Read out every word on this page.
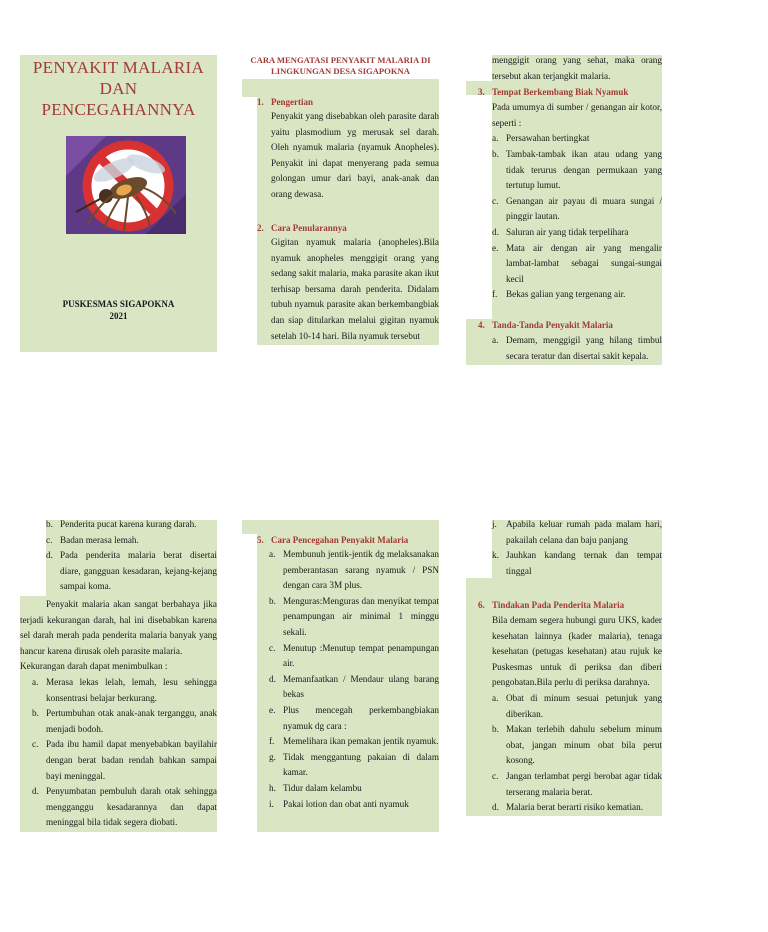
PENYAKIT MALARIA
DAN
PENCEGAHANNYA
PUSKESMAS SIGAPOKNA
2021
CARA MENGATASI PENYAKIT MALARIA DI LINGKUNGAN DESA SIGAPOKNA
1. Pengertian
Penyakit yang disebabkan oleh parasite darah yaitu plasmodium yg merusak sel darah. Oleh nyamuk malaria (nyamuk Anopheles). Penyakit ini dapat menyerang pada semua golongan umur dari bayi, anak-anak dan orang dewasa.
2. Cara Penularannya
Gigitan nyamuk malaria (anopheles).Bila nyamuk anopheles menggigit orang yang sedang sakit malaria, maka parasite akan ikut terhisap bersama darah penderita. Didalam tubuh nyamuk parasite akan berkembangbiak dan siap ditularkan melalui gigitan nyamuk setelah 10-14 hari. Bila nyamuk tersebut
menggigit orang yang sehat, maka orang tersebut akan terjangkit malaria.
3. Tempat Berkembang Biak Nyamuk
Pada umumya di sumber / genangan air kotor, seperti :
a. Persawahan bertingkat
b. Tambak-tambak ikan atau udang yang tidak terurus dengan permukaan yang tertutup lumut.
c. Genangan air payau di muara sungai / pinggir lautan.
d. Saluran air yang tidak terpelihara
e. Mata air dengan air yang mengalir lambat-lambat sebagai sungai-sungai kecil
f. Bekas galian yang tergenang air.
4. Tanda-Tanda Penyakit Malaria
a. Demam, menggigil yang hilang timbul secara teratur dan disertai sakit kepala.
b. Penderita pucat karena kurang darah.
c. Badan merasa lemah.
d. Pada penderita malaria berat disertai diare, gangguan kesadaran, kejang-kejang sampai koma.
Penyakit malaria akan sangat berbahaya jika terjadi kekurangan darah, hal ini disebabkan karena sel darah merah pada penderita malaria banyak yang hancur karena dirusak oleh parasite malaria.
Kekurangan darah dapat menimbulkan :
a. Merasa lekas lelah, lemah, lesu sehingga konsentrasi belajar berkurang.
b. Pertumbuhan otak anak-anak terganggu, anak menjadi bodoh.
c. Pada ibu hamil dapat menyebabkan bayilahir dengan berat badan rendah bahkan sampai bayi meninggal.
d. Penyumbatan pembuluh darah otak sehingga mengganggu kesadarannya dan dapat meninggal bila tidak segera diobati.
5. Cara Pencegahan Penyakit Malaria
a. Membunuh jentik-jentik dg melaksanakan pemberantasan sarang nyamuk / PSN dengan cara 3M plus.
b. Menguras:Menguras dan menyikat tempat penampungan air minimal 1 minggu sekali.
c. Menutup :Menutup tempat penampungan air.
d. Memanfaatkan / Mendaur ulang barang bekas
e. Plus mencegah perkembangbiakan nyamuk dg cara :
f. Memelihara ikan pemakan jentik nyamuk.
g. Tidak menggantung pakaian di dalam kamar.
h. Tidur dalam kelambu
i. Pakai lotion dan obat anti nyamuk
j. Apabila keluar rumah pada malam hari, pakailah celana dan baju panjang
k. Jauhkan kandang ternak dan tempat tinggal
6. Tindakan Pada Penderita Malaria
Bila demam segera hubungi guru UKS, kader kesehatan lainnya (kader malaria), tenaga kesehatan (petugas kesehatan) atau rujuk ke Puskesmas untuk di periksa dan diberi pengobatan.Bila perlu di periksa darahnya.
a. Obat di minum sesuai petunjuk yang diberikan.
b. Makan terlebih dahulu sebelum minum obat, jangan minum obat bila perut kosong.
c. Jangan terlambat pergi berobat agar tidak terserang malaria berat.
d. Malaria berat berarti risiko kematian.
